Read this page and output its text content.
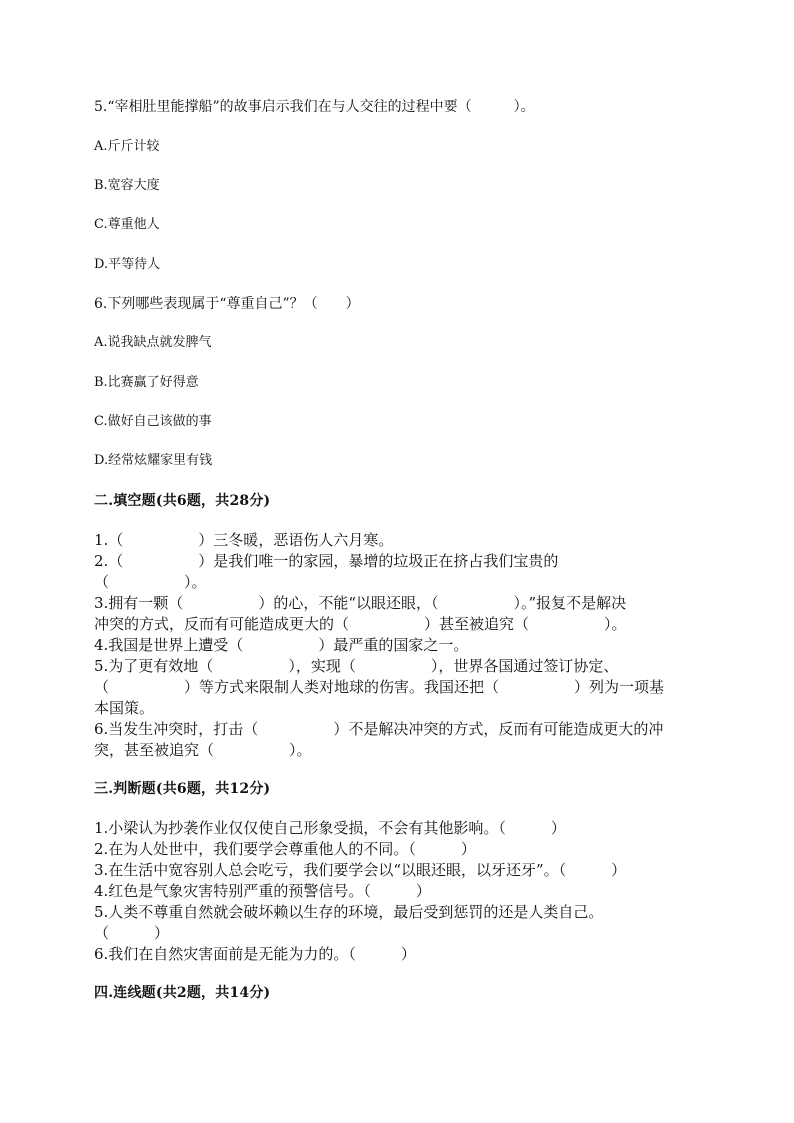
5.“宰相肚里能撑船”的故事启示我们在与人交往的过程中要（　　　）。
A.斤斤计较
B.宽容大度
C.尊重他人
D.平等待人
6.下列哪些表现属于“尊重自己”？（　　）
A.说我缺点就发脾气
B.比赛赢了好得意
C.做好自己该做的事
D.经常炫耀家里有钱
二.填空题(共6题，共28分)
1.（　　　　　）三冬暖，恶语伤人六月寒。
2.（　　　　　）是我们唯一的家园，暴增的垃圾正在挤占我们宝贵的
（　　　　　）。
3.拥有一颗（　　　　　）的心，不能“以眼还眼，（　　　　　）。”报复不是解决
冲突的方式，反而有可能造成更大的（　　　　　）甚至被追究（　　　　　）。
4.我国是世界上遭受（　　　　　）最严重的国家之一。
5.为了更有效地（　　　　　），实现（　　　　　），世界各国通过签订协定、
（　　　　　）等方式来限制人类对地球的伤害。我国还把（　　　　　）列为一项基
本国策。
6.当发生冲突时，打击（　　　　　）不是解决冲突的方式，反而有可能造成更大的冲
突，甚至被追究（　　　　　）。
三.判断题(共6题，共12分)
1.小梁认为抄袭作业仅仅使自己形象受损，不会有其他影响。（　　　）
2.在为人处世中，我们要学会尊重他人的不同。（　　　）
3.在生活中宽容别人总会吃亏，我们要学会以“以眼还眼，以牙还牙”。（　　　）
4.红色是气象灾害特别严重的预警信号。（　　　）
5.人类不尊重自然就会破坏赖以生存的环境，最后受到惩罚的还是人类自己。
（　　　）
6.我们在自然灾害面前是无能为力的。（　　　）
四.连线题(共2题，共14分)
